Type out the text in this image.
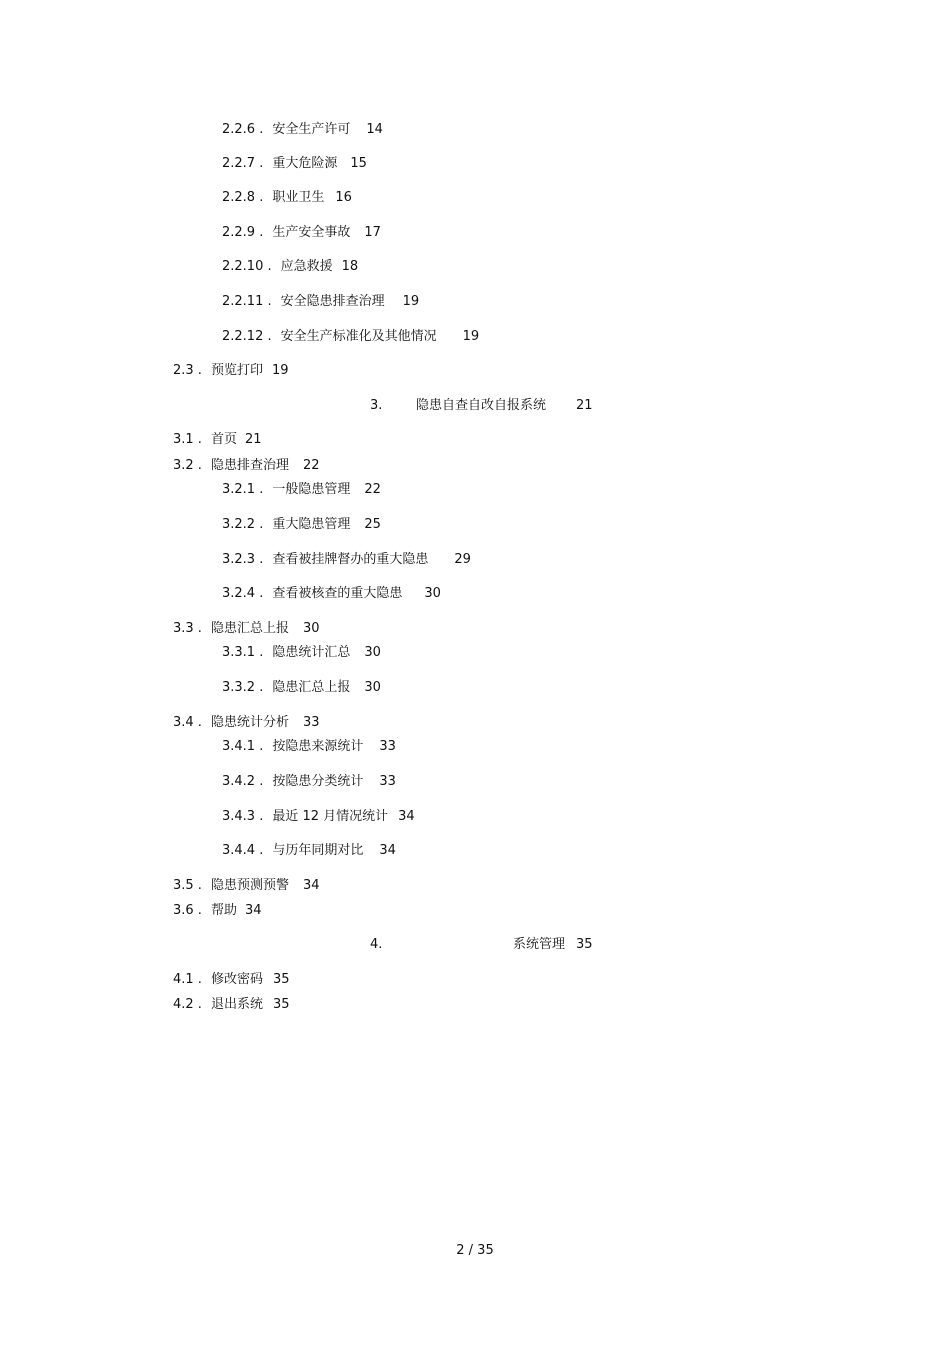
2.2.6 . 安全生产许可 14
2.2.7 . 重大危险源 15
2.2.8 . 职业卫生 16
2.2.9 . 生产安全事故 17
2.2.10 . 应急救援 18
2.2.11 . 安全隐患排查治理 19
2.2.12 . 安全生产标准化及其他情况 19
2.3 . 预览打印 19
3.	隐患自查自改自报系统 21
3.1 . 首页 21
3.2 . 隐患排查治理 22
3.2.1 . 一般隐患管理 22
3.2.2 . 重大隐患管理 25
3.2.3 . 查看被挂牌督办的重大隐患 29
3.2.4 . 查看被核查的重大隐患 30
3.3 . 隐患汇总上报 30
3.3.1 . 隐患统计汇总 30
3.3.2 . 隐患汇总上报 30
3.4 . 隐患统计分析 33
3.4.1 . 按隐患来源统计 33
3.4.2 . 按隐患分类统计 33
3.4.3 . 最近 12 月情况统计 34
3.4.4 . 与历年同期对比 34
3.5 . 隐患预测预警 34
3.6 . 帮助 34
4.	系统管理 35
4.1 . 修改密码 35
4.2 . 退出系统 35
2 / 35
